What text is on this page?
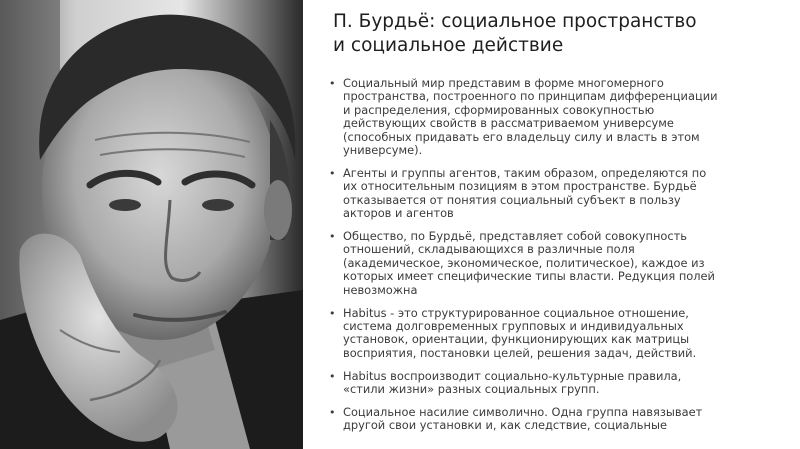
П. Бурдьё: социальное пространство
и социальное действие
• Социальный мир представим в форме многомерного
пространства, построенного по принципам дифференциации
и распределения, сформированных совокупностью
действующих свойств в рассматриваемом универсуме
(способных придавать его владельцу силу и власть в этом
универсуме).
• Агенты и группы агентов, таким образом, определяются по
их относительным позициям в этом пространстве. Бурдьё
отказывается от понятия социальный субъект в пользу
акторов и агентов
• Общество, по Бурдьё, представляет собой совокупность
отношений, складывающихся в различные поля
(академическое, экономическое, политическое), каждое из
которых имеет специфические типы власти. Редукция полей
невозможна
• Habitus - это структурированное социальное отношение,
система долговременных групповых и индивидуальных
установок, ориентации, функционирующих как матрицы
восприятия, постановки целей, решения задач, действий.
• Habitus воспроизводит социально-культурные правила,
«стили жизни» разных социальных групп.
• Социальное насилие символично. Одна группа навязывает
другой свои установки и, как следствие, социальные
